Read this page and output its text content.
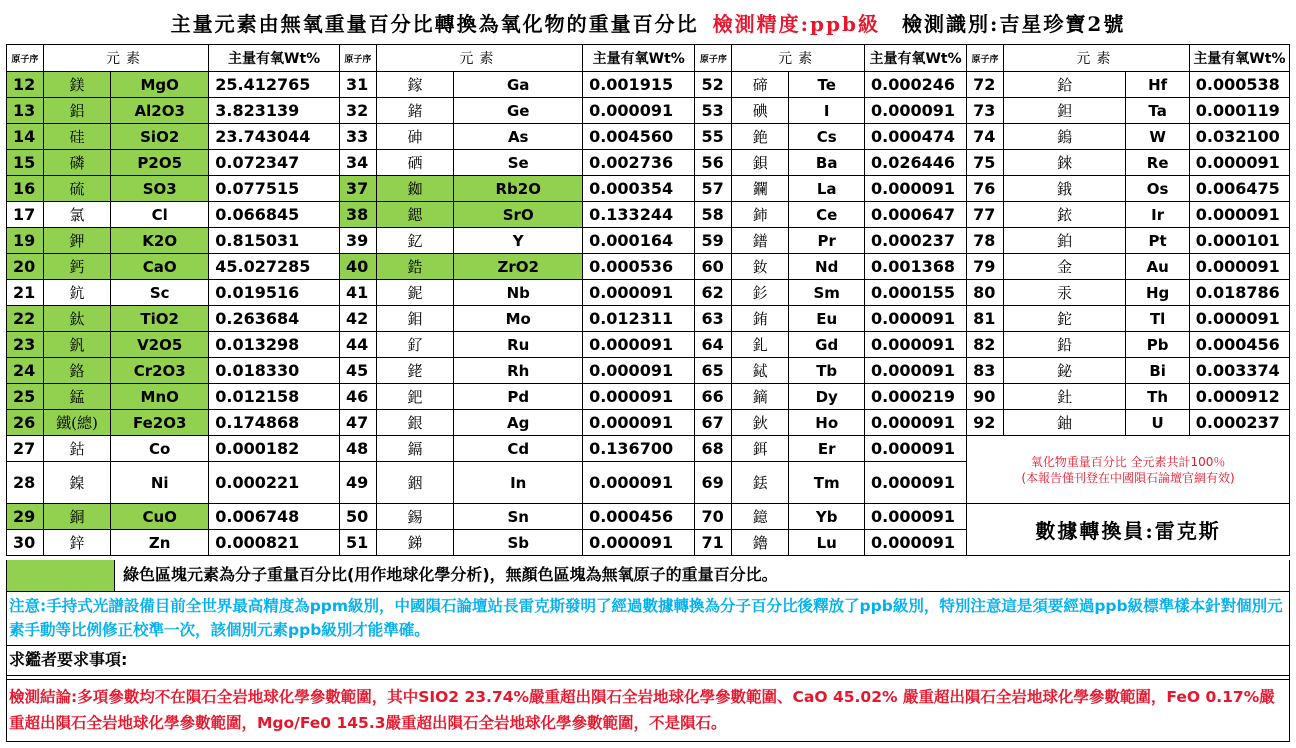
主量元素由無氧重量百分比轉換為氧化物的重量百分比 檢測精度:ppb級 檢測識別:吉星珍寶2號
原子序	元素		主量有氧Wt%	原子序	元素		主量有氧Wt%	原子序	元素		主量有氧Wt%	原子序	元素		主量有氧Wt%
12	鎂	MgO	25.412765	31	鎵	Ga	0.001915	52	碲	Te	0.000246	72	鉿	Hf	0.000538
13	鋁	Al2O3	3.823139	32	鍺	Ge	0.000091	53	碘	I	0.000091	73	鉭	Ta	0.000119
14	硅	SiO2	23.743044	33	砷	As	0.004560	55	銫	Cs	0.000474	74	鎢	W	0.032100
15	磷	P2O5	0.072347	34	硒	Se	0.002736	56	鋇	Ba	0.026446	75	錸	Re	0.000091
16	硫	SO3	0.077515	37	銣	Rb2O	0.000354	57	鑭	La	0.000091	76	鋨	Os	0.006475
17	氯	Cl	0.066845	38	鍶	SrO	0.133244	58	鈰	Ce	0.000647	77	銥	Ir	0.000091
19	鉀	K2O	0.815031	39	釔	Y	0.000164	59	鐠	Pr	0.000237	78	鉑	Pt	0.000101
20	鈣	CaO	45.027285	40	鋯	ZrO2	0.000536	60	釹	Nd	0.001368	79	金	Au	0.000091
21	鈧	Sc	0.019516	41	鈮	Nb	0.000091	62	釤	Sm	0.000155	80	汞	Hg	0.018786
22	鈦	TiO2	0.263684	42	鉬	Mo	0.012311	63	銪	Eu	0.000091	81	鉈	Tl	0.000091
23	釩	V2O5	0.013298	44	釕	Ru	0.000091	64	釓	Gd	0.000091	82	鉛	Pb	0.000456
24	鉻	Cr2O3	0.018330	45	銠	Rh	0.000091	65	鋱	Tb	0.000091	83	鉍	Bi	0.003374
25	錳	MnO	0.012158	46	鈀	Pd	0.000091	66	鏑	Dy	0.000219	90	釷	Th	0.000912
26	鐵(總)	Fe2O3	0.174868	47	銀	Ag	0.000091	67	鈥	Ho	0.000091	92	鈾	U	0.000237
27	鈷	Co	0.000182	48	鎘	Cd	0.136700	68	鉺	Er	0.000091	氧化物重量百分比 全元素共計100％
(本報告僅刊登在中國隕石論壇官網有效)			

28	鎳	Ni	0.000221	49	銦	In	0.000091	69	銩	Tm	0.000091				
29	銅	CuO	0.006748	50	錫	Sn	0.000456	70	鐿	Yb	0.000091	數據轉換員:雷克斯			
30	鋅	Zn	0.000821	51	銻	Sb	0.000091	71	鑥	Lu	0.000091				
綠色區塊元素為分子重量百分比(用作地球化學分析)，無顏色區塊為無氧原子的重量百分比。
注意:手持式光譜設備目前全世界最高精度為ppm級別，中國隕石論壇站長雷克斯發明了經過數據轉換為分子百分比後釋放了ppb級別，特別注意這是須要經過ppb級標準樣本針對個別元素手動等比例修正校準一次，該個別元素ppb級別才能準確。
求鑑者要求事項:
檢測結論:多項參數均不在隕石全岩地球化學參數範圍，其中SIO2 23.74%嚴重超出隕石全岩地球化學參數範圍、CaO 45.02% 嚴重超出隕石全岩地球化學參數範圍，FeO 0.17%嚴重超出隕石全岩地球化學參數範圍，Mgo/Fe0 145.3嚴重超出隕石全岩地球化學參數範圍，不是隕石。
